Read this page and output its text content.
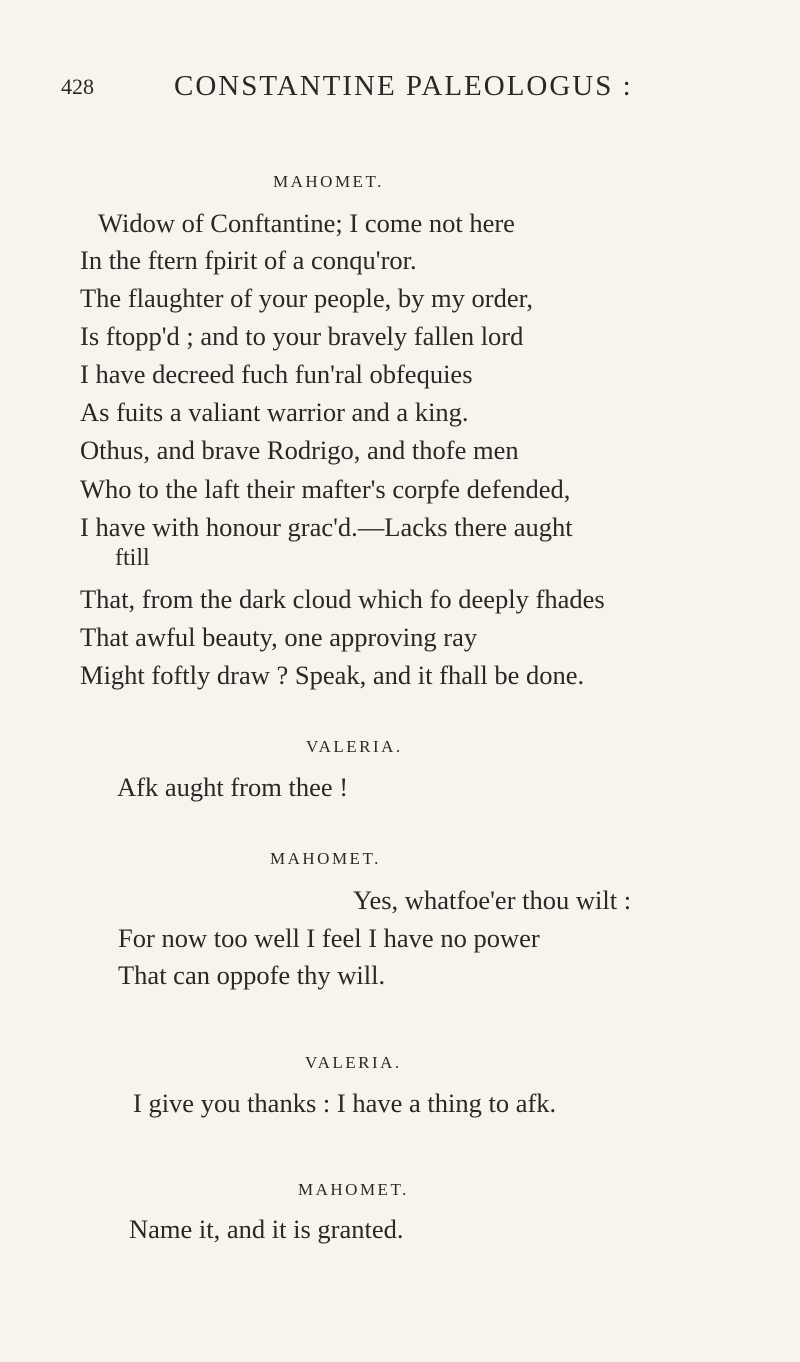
428	CONSTANTINE PALEOLOGUS :
MAHOMET.
Widow of Conftantine; I come not here
In the ftern fpirit of a conqu'ror.
The flaughter of your people, by my order,
Is ftopp'd ; and to your bravely fallen lord
I have decreed fuch fun'ral obfequies
As fuits a valiant warrior and a king.
Othus, and brave Rodrigo, and thofe men
Who to the laft their mafter's corpfe defended,
I have with honour grac'd.—Lacks there aught
ftill
That, from the dark cloud which fo deeply fhades
That awful beauty, one approving ray
Might foftly draw ? Speak, and it fhall be done.
VALERIA.
Afk aught from thee !
MAHOMET.
Yes, whatfoe'er thou wilt :
For now too well I feel I have no power
That can oppofe thy will.
VALERIA.
I give you thanks : I have a thing to afk.
MAHOMET.
Name it, and it is granted.
